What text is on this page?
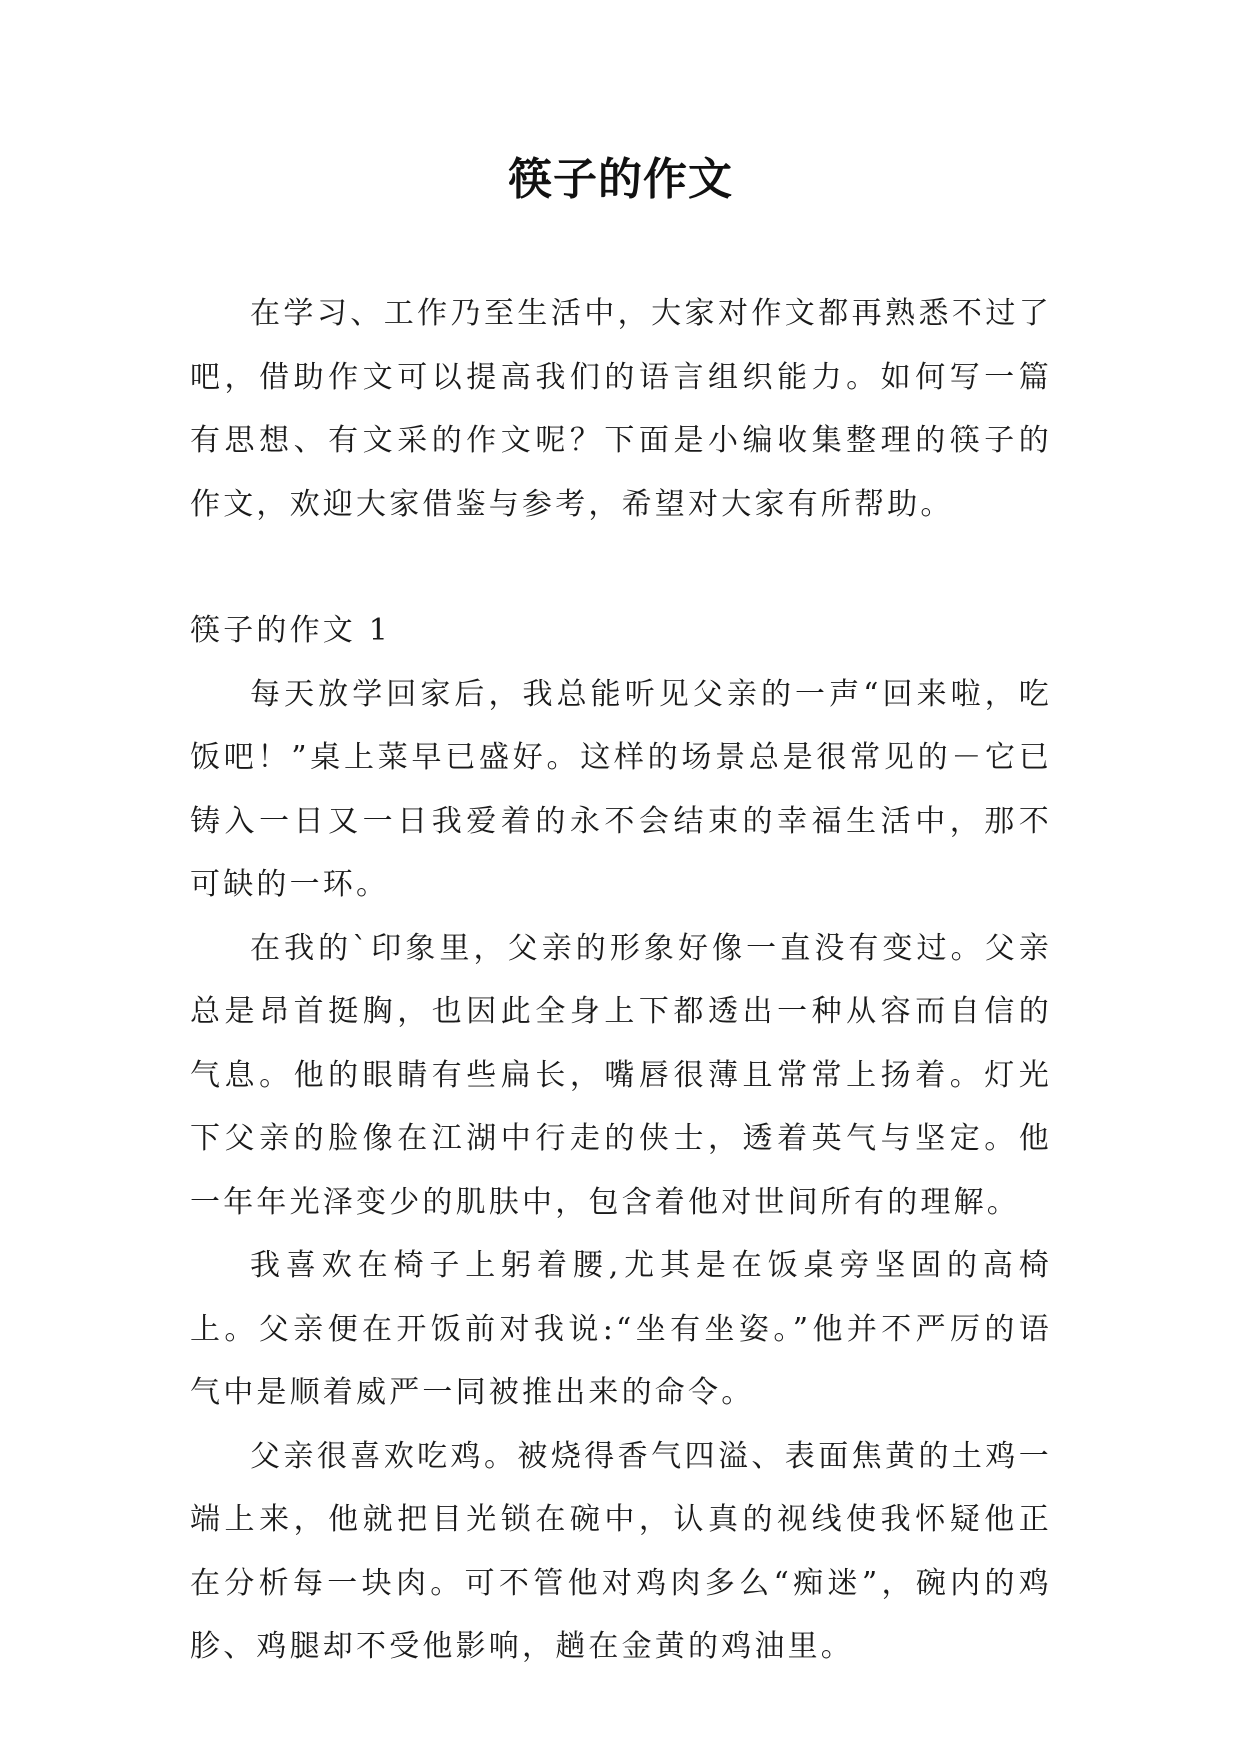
筷子的作文

在学习、工作乃至生活中，大家对作文都再熟悉不过了吧，借助作文可以提高我们的语言组织能力。如何写一篇有思想、有文采的作文呢？下面是小编收集整理的筷子的作文，欢迎大家借鉴与参考，希望对大家有所帮助。

筷子的作文 1

每天放学回家后，我总能听见父亲的一声“回来啦，吃饭吧！”桌上菜早已盛好。这样的场景总是很常见的－它已铸入一日又一日我爱着的永不会结束的幸福生活中，那不可缺的一环。

在我的`印象里，父亲的形象好像一直没有变过。父亲总是昂首挺胸，也因此全身上下都透出一种从容而自信的气息。他的眼睛有些扁长，嘴唇很薄且常常上扬着。灯光下父亲的脸像在江湖中行走的侠士，透着英气与坚定。他一年年光泽变少的肌肤中，包含着他对世间所有的理解。

我喜欢在椅子上躬着腰,尤其是在饭桌旁坚固的高椅上。父亲便在开饭前对我说:“坐有坐姿。”他并不严厉的语气中是顺着威严一同被推出来的命令。

父亲很喜欢吃鸡。被烧得香气四溢、表面焦黄的土鸡一端上来，他就把目光锁在碗中，认真的视线使我怀疑他正在分析每一块肉。可不管他对鸡肉多么“痴迷”，碗内的鸡胗、鸡腿却不受他影响，趟在金黄的鸡油里。
